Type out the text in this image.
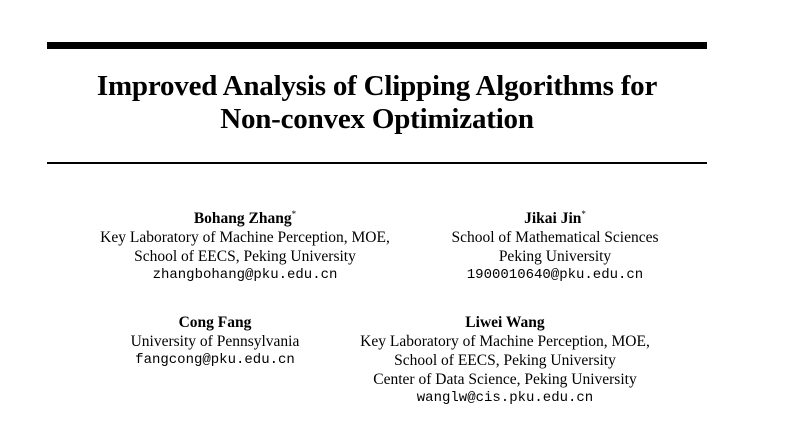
Improved Analysis of Clipping Algorithms for
Non-convex Optimization
Bohang Zhang*
Key Laboratory of Machine Perception, MOE,
School of EECS, Peking University
zhangbohang@pku.edu.cn
Jikai Jin*
School of Mathematical Sciences
Peking University
1900010640@pku.edu.cn
Cong Fang
University of Pennsylvania
fangcong@pku.edu.cn
Liwei Wang
Key Laboratory of Machine Perception, MOE,
School of EECS, Peking University
Center of Data Science, Peking University
wanglw@cis.pku.edu.cn
